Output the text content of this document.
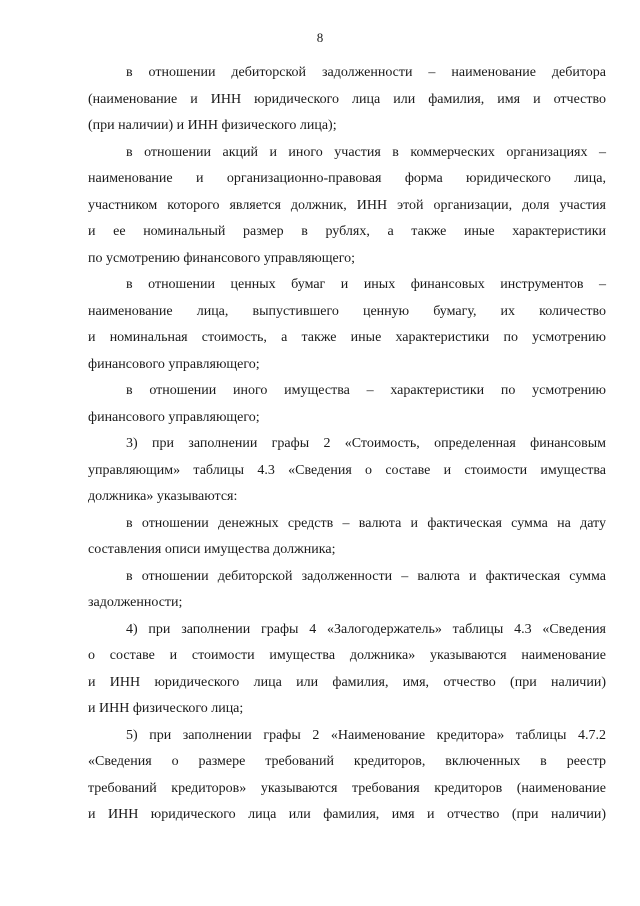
8
в отношении дебиторской задолженности – наименование дебитора
(наименование и ИНН юридического лица или фамилия, имя и отчество
(при наличии) и ИНН физического лица);
в отношении акций и иного участия в коммерческих организациях –
наименование и организационно-правовая форма юридического лица,
участником которого является должник, ИНН этой организации, доля участия
и ее номинальный размер в рублях, а также иные характеристики
по усмотрению финансового управляющего;
в отношении ценных бумаг и иных финансовых инструментов –
наименование лица, выпустившего ценную бумагу, их количество
и номинальная стоимость, а также иные характеристики по усмотрению
финансового управляющего;
в отношении иного имущества – характеристики по усмотрению
финансового управляющего;
3) при заполнении графы 2 «Стоимость, определенная финансовым
управляющим» таблицы 4.3 «Сведения о составе и стоимости имущества
должника» указываются:
в отношении денежных средств – валюта и фактическая сумма на дату
составления описи имущества должника;
в отношении дебиторской задолженности – валюта и фактическая сумма
задолженности;
4) при заполнении графы 4 «Залогодержатель» таблицы 4.3 «Сведения
о составе и стоимости имущества должника» указываются наименование
и ИНН юридического лица или фамилия, имя, отчество (при наличии)
и ИНН физического лица;
5) при заполнении графы 2 «Наименование кредитора» таблицы 4.7.2
«Сведения о размере требований кредиторов, включенных в реестр
требований кредиторов» указываются требования кредиторов (наименование
и ИНН юридического лица или фамилия, имя и отчество (при наличии)
